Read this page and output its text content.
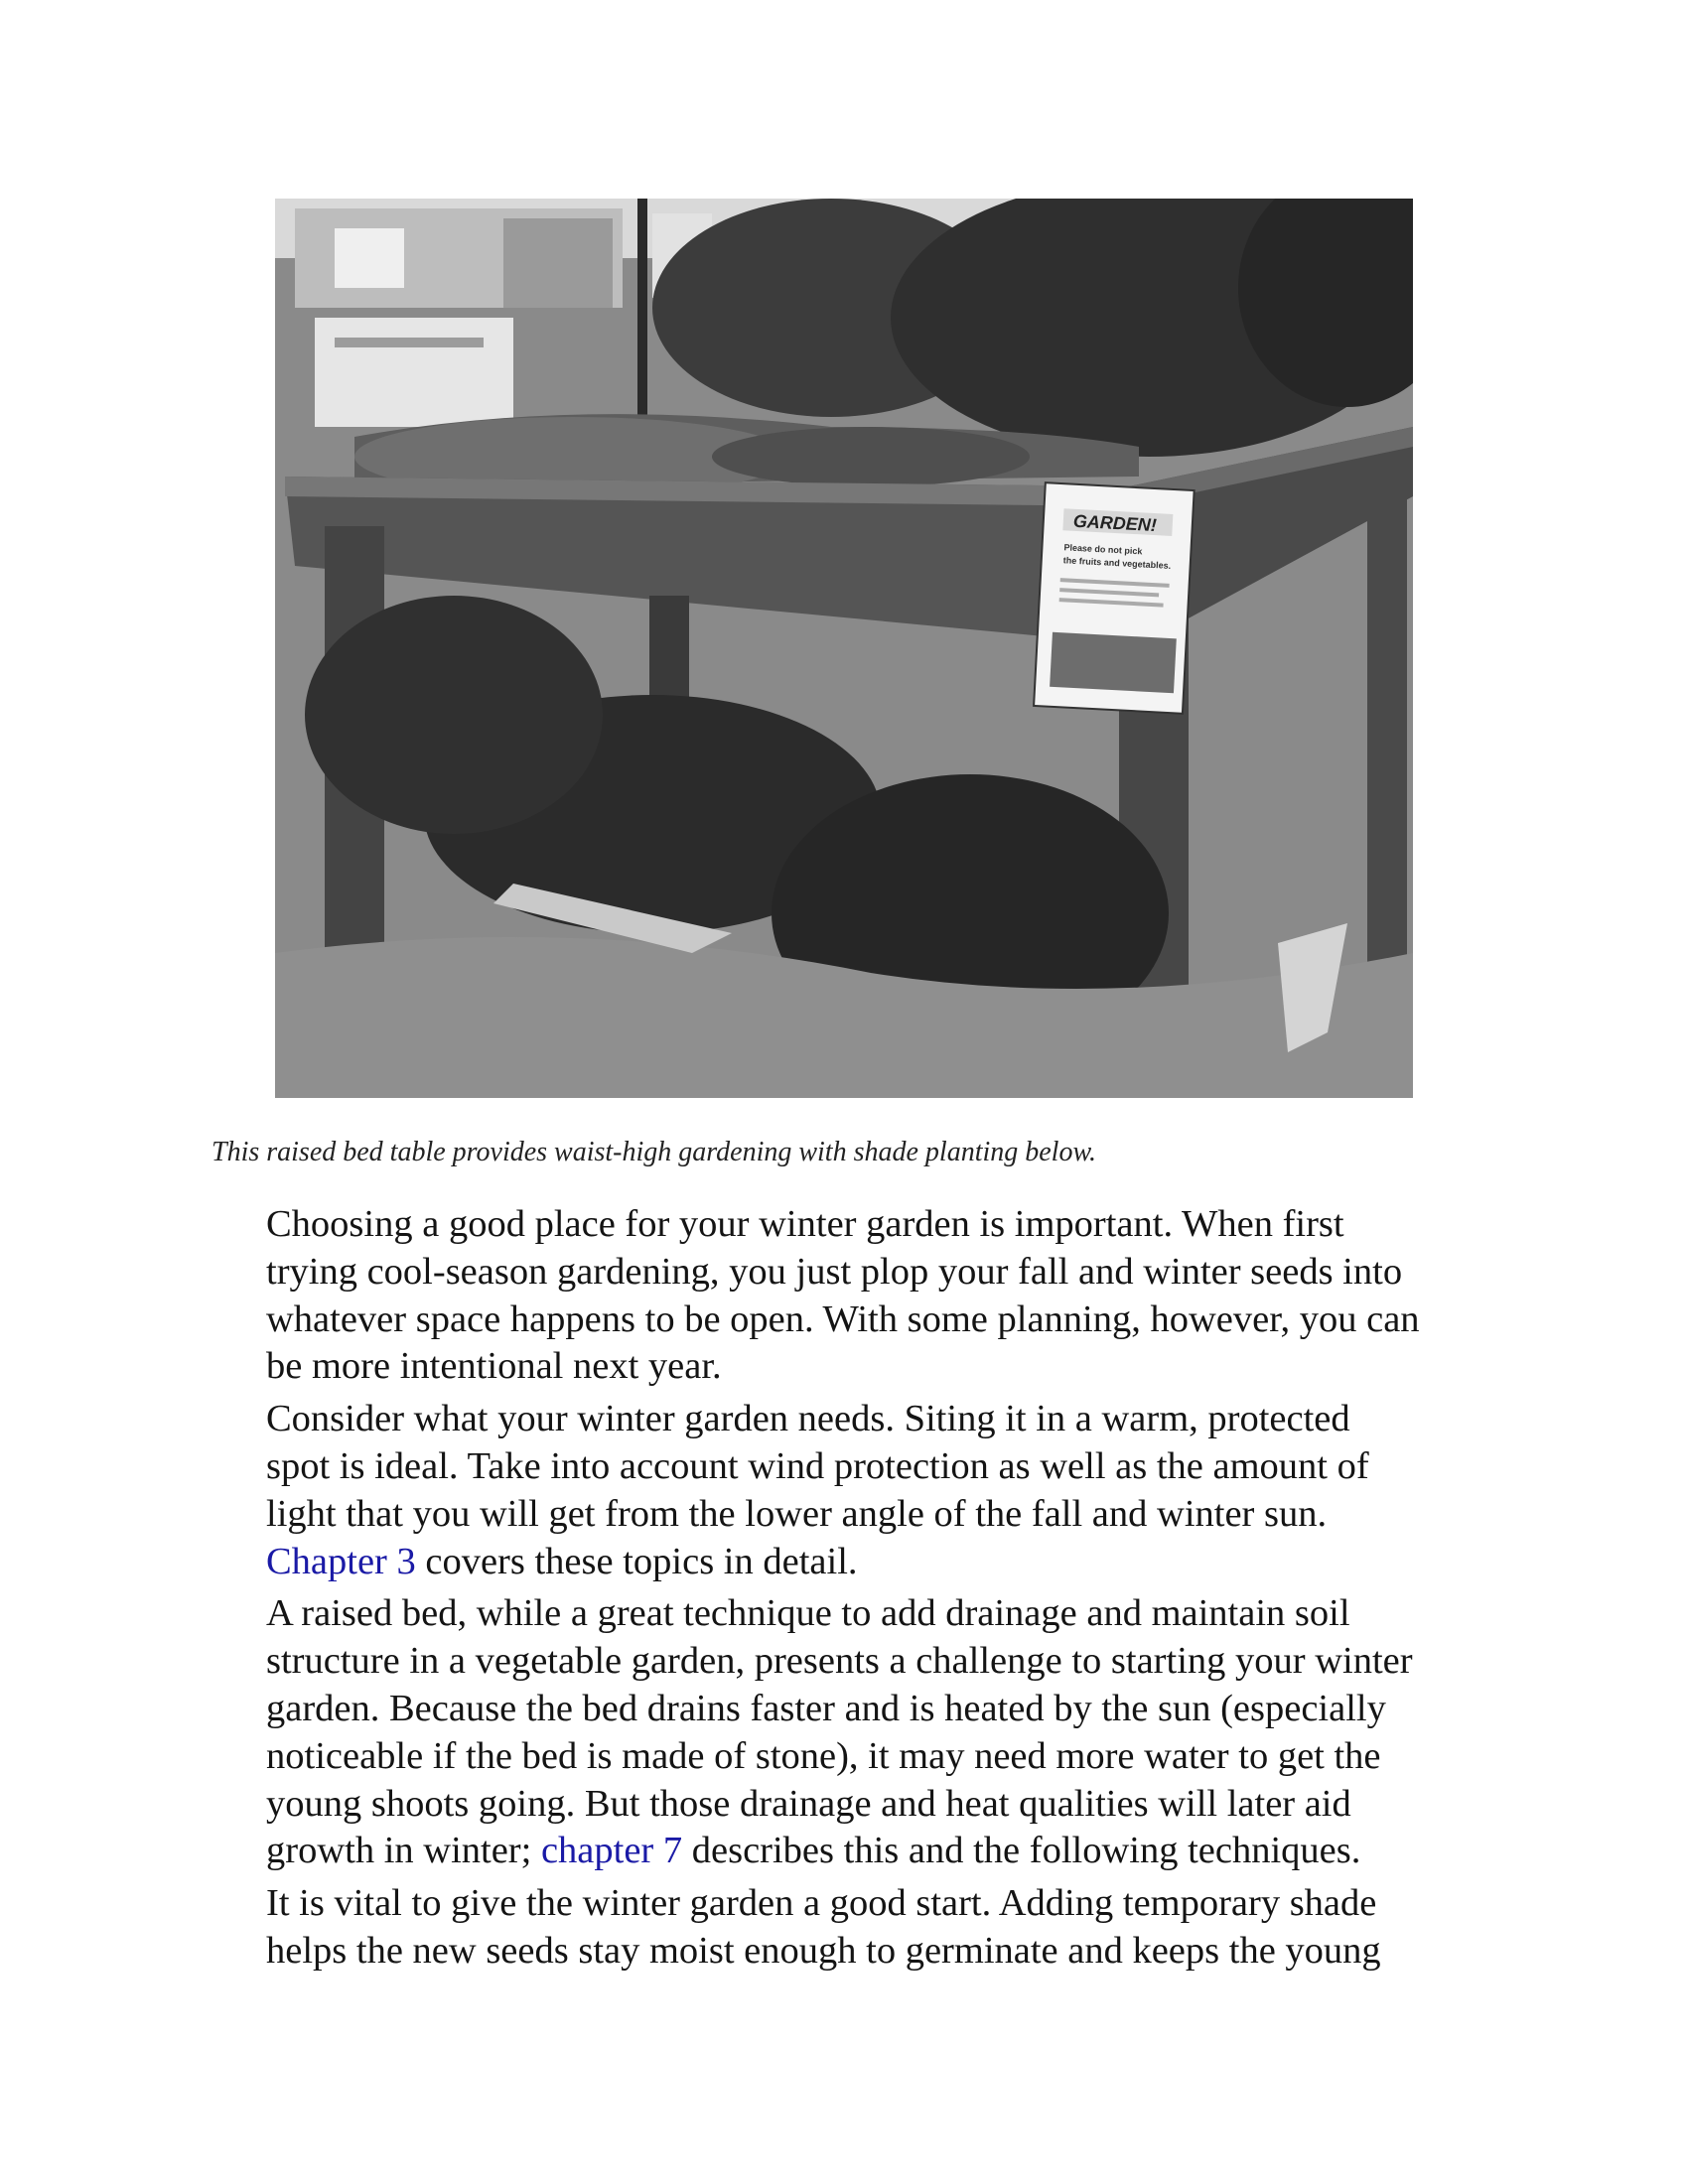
GARDEN!
Please do not pick
the fruits and vegetables.

This raised bed table provides waist-high gardening with shade planting below.

Choosing a good place for your winter garden is important. When first
trying cool-season gardening, you just plop your fall and winter seeds into
whatever space happens to be open. With some planning, however, you can
be more intentional next year.

Consider what your winter garden needs. Siting it in a warm, protected
spot is ideal. Take into account wind protection as well as the amount of
light that you will get from the lower angle of the fall and winter sun.
Chapter 3 covers these topics in detail.

A raised bed, while a great technique to add drainage and maintain soil
structure in a vegetable garden, presents a challenge to starting your winter
garden. Because the bed drains faster and is heated by the sun (especially
noticeable if the bed is made of stone), it may need more water to get the
young shoots going. But those drainage and heat qualities will later aid
growth in winter; chapter 7 describes this and the following techniques.

It is vital to give the winter garden a good start. Adding temporary shade
helps the new seeds stay moist enough to germinate and keeps the young
